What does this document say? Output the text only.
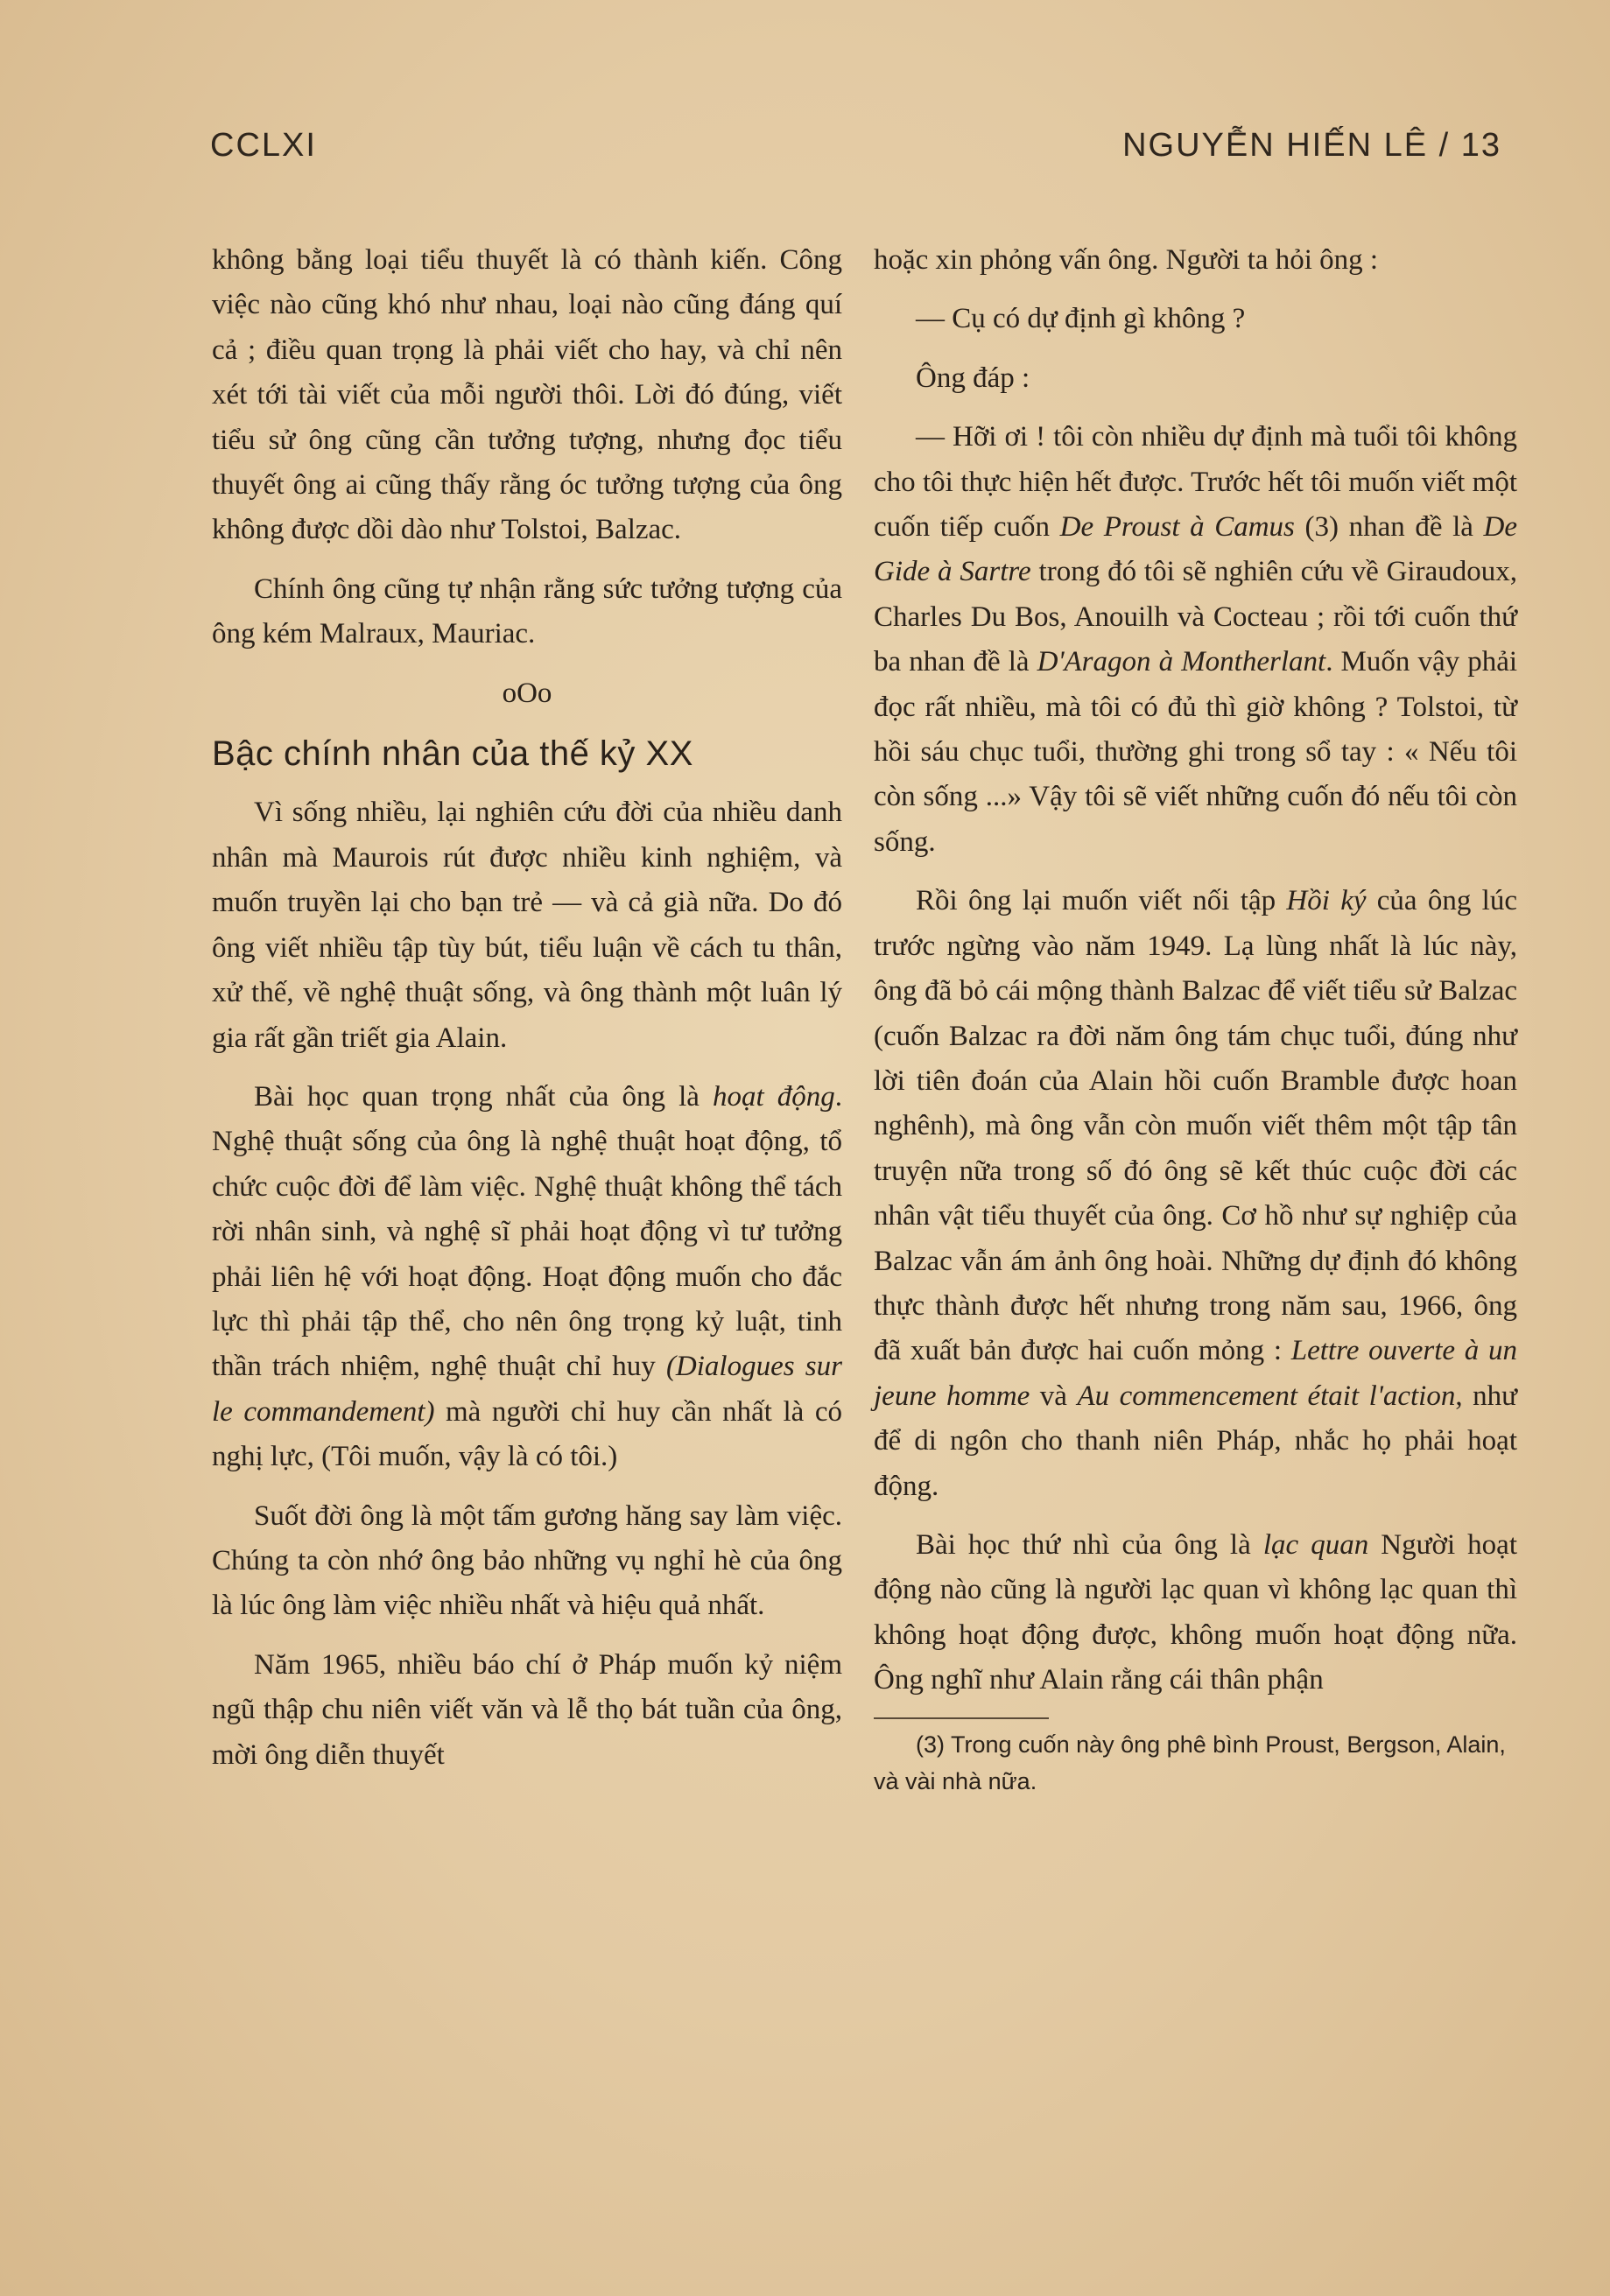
CCLXI	NGUYỄN HIẾN LÊ / 13

không bằng loại tiểu thuyết là có thành kiến. Công việc nào cũng khó như nhau, loại nào cũng đáng quí cả ; điều quan trọng là phải viết cho hay, và chỉ nên xét tới tài viết của mỗi người thôi. Lời đó đúng, viết tiểu sử ông cũng cần tưởng tượng, nhưng đọc tiểu thuyết ông ai cũng thấy rằng óc tưởng tượng của ông không được dồi dào như Tolstoi, Balzac.

Chính ông cũng tự nhận rằng sức tưởng tượng của ông kém Malraux, Mauriac.

oOo
Bậc chính nhân của thế kỷ XX

Vì sống nhiều, lại nghiên cứu đời của nhiều danh nhân mà Maurois rút được nhiều kinh nghiệm, và muốn truyền lại cho bạn trẻ — và cả già nữa. Do đó ông viết nhiều tập tùy bút, tiểu luận về cách tu thân, xử thế, về nghệ thuật sống, và ông thành một luân lý gia rất gần triết gia Alain.

Bài học quan trọng nhất của ông là hoạt động. Nghệ thuật sống của ông là nghệ thuật hoạt động, tổ chức cuộc đời để làm việc. Nghệ thuật không thể tách rời nhân sinh, và nghệ sĩ phải hoạt động vì tư tưởng phải liên hệ với hoạt động. Hoạt động muốn cho đắc lực thì phải tập thể, cho nên ông trọng kỷ luật, tinh thần trách nhiệm, nghệ thuật chỉ huy (Dialogues sur le commandement) mà người chỉ huy cần nhất là có nghị lực, (Tôi muốn, vậy là có tôi.)

Suốt đời ông là một tấm gương hăng say làm việc. Chúng ta còn nhớ ông bảo những vụ nghỉ hè của ông là lúc ông làm việc nhiều nhất và hiệu quả nhất.

Năm 1965, nhiều báo chí ở Pháp muốn kỷ niệm ngũ thập chu niên viết văn và lễ thọ bát tuần của ông, mời ông diễn thuyết

hoặc xin phỏng vấn ông. Người ta hỏi ông :

— Cụ có dự định gì không ?

Ông đáp :

— Hỡi ơi ! tôi còn nhiều dự định mà tuổi tôi không cho tôi thực hiện hết được. Trước hết tôi muốn viết một cuốn tiếp cuốn De Proust à Camus (3) nhan đề là De Gide à Sartre trong đó tôi sẽ nghiên cứu về Giraudoux, Charles Du Bos, Anouilh và Cocteau ; rồi tới cuốn thứ ba nhan đề là D'Aragon à Montherlant. Muốn vậy phải đọc rất nhiều, mà tôi có đủ thì giờ không ? Tolstoi, từ hồi sáu chục tuổi, thường ghi trong sổ tay : « Nếu tôi còn sống ...» Vậy tôi sẽ viết những cuốn đó nếu tôi còn sống.

Rồi ông lại muốn viết nối tập Hồi ký của ông lúc trước ngừng vào năm 1949. Lạ lùng nhất là lúc này, ông đã bỏ cái mộng thành Balzac để viết tiểu sử Balzac (cuốn Balzac ra đời năm ông tám chục tuổi, đúng như lời tiên đoán của Alain hồi cuốn Bramble được hoan nghênh), mà ông vẫn còn muốn viết thêm một tập tân truyện nữa trong số đó ông sẽ kết thúc cuộc đời các nhân vật tiểu thuyết của ông. Cơ hồ như sự nghiệp của Balzac vẫn ám ảnh ông hoài. Những dự định đó không thực thành được hết nhưng trong năm sau, 1966, ông đã xuất bản được hai cuốn mỏng : Lettre ouverte à un jeune homme và Au commencement était l'action, như để di ngôn cho thanh niên Pháp, nhắc họ phải hoạt động.

Bài học thứ nhì của ông là lạc quan Người hoạt động nào cũng là người lạc quan vì không lạc quan thì không hoạt động được, không muốn hoạt động nữa. Ông nghĩ như Alain rằng cái thân phận

(3) Trong cuốn này ông phê bình Proust, Bergson, Alain, và vài nhà nữa.
